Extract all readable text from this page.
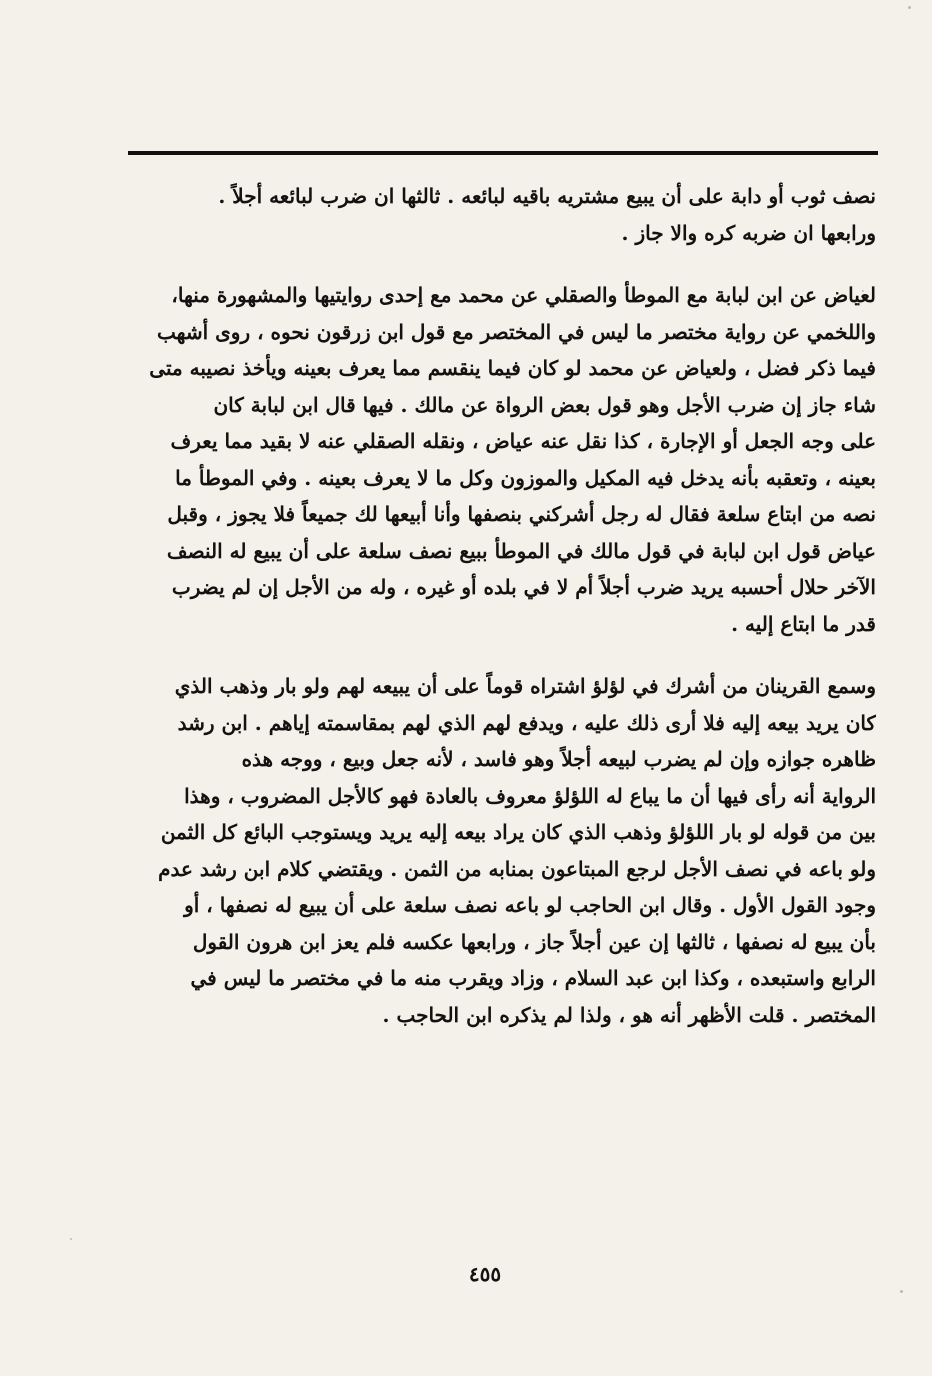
نصف ثوب أو دابة على أن يبيع مشتريه باقيه لبائعه . ثالثها ان ضرب لبائعه أجلاً .
ورابعها ان ضربه كره والا جاز .

لعياض عن ابن لبابة مع الموطأ والصقلي عن محمد مع إحدى روايتيها والمشهورة منها،
واللخمي عن رواية مختصر ما ليس في المختصر مع قول ابن زرقون نحوه ، روى أشهب
فيما ذكر فضل ، ولعياض عن محمد لو كان فيما ينقسم مما يعرف بعينه ويأخذ نصيبه متى
شاء جاز إن ضرب الأجل وهو قول بعض الرواة عن مالك . فيها قال ابن لبابة كان
على وجه الجعل أو الإجارة ، كذا نقل عنه عياض ، ونقله الصقلي عنه لا بقيد مما يعرف
بعينه ، وتعقبه بأنه يدخل فيه المكيل والموزون وكل ما لا يعرف بعينه . وفي الموطأ ما
نصه من ابتاع سلعة فقال له رجل أشركني بنصفها وأنا أبيعها لك جميعاً فلا يجوز ، وقبل
عياض قول ابن لبابة في قول مالك في الموطأ ببيع نصف سلعة على أن يبيع له النصف
الآخر حلال أحسبه يريد ضرب أجلاً أم لا في بلده أو غيره ، وله من الأجل إن لم يضرب
قدر ما ابتاع إليه .

وسمع القرينان من أشرك في لؤلؤ اشتراه قوماً على أن يبيعه لهم ولو بار وذهب الذي
كان يريد بيعه إليه فلا أرى ذلك عليه ، ويدفع لهم الذي لهم بمقاسمته إياهم . ابن رشد
ظاهره جوازه وإن لم يضرب لبيعه أجلاً وهو فاسد ، لأنه جعل وبيع ، ووجه هذه
الرواية أنه رأى فيها أن ما يباع له اللؤلؤ معروف بالعادة فهو كالأجل المضروب ، وهذا
بين من قوله لو بار اللؤلؤ وذهب الذي كان يراد بيعه إليه يريد ويستوجب البائع كل الثمن
ولو باعه في نصف الأجل لرجع المبتاعون بمنابه من الثمن . ويقتضي كلام ابن رشد عدم
وجود القول الأول . وقال ابن الحاجب لو باعه نصف سلعة على أن يبيع له نصفها ، أو
بأن يبيع له نصفها ، ثالثها إن عين أجلاً جاز ، ورابعها عكسه فلم يعز ابن هرون القول
الرابع واستبعده ، وكذا ابن عبد السلام ، وزاد ويقرب منه ما في مختصر ما ليس في
المختصر . قلت الأظهر أنه هو ، ولذا لم يذكره ابن الحاجب .

٤٥٥
